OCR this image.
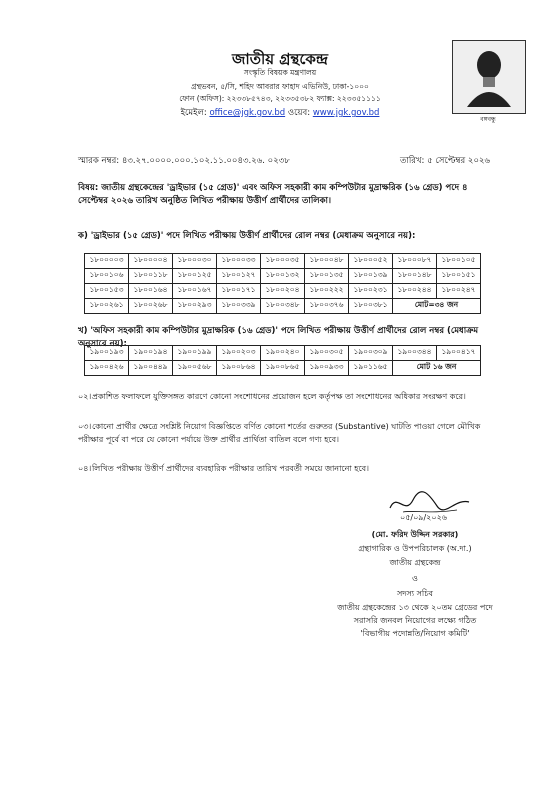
জাতীয় গ্রন্থকেন্দ্র
সংস্কৃতি বিষয়ক মন্ত্রণালয়
গ্রন্থভবন, ৫/সি, শহিদ আবরার ফাহাদ এভিনিউ, ঢাকা-১০০০
ফোন (অফিস): ২২৩৩৮৫৭৪৩, ২২৩৩৫৩৮২ ফ্যাক্স: ২২৩৩৫১১১১
ইমেইল: office@jgk.gov.bd ওয়েব: www.jgk.gov.bd
বঙ্গবন্ধু
স্মারক নম্বর: ৪৩.২৭.০০০০.০০০.১০২.১১.০০৪৩.২৬. ০২৩৮	তারিখ: ৫ সেপ্টেম্বর ২০২৬
বিষয়: জাতীয় গ্রন্থকেন্দ্রের 'ড্রাইভার (১৫ গ্রেড)' এবং অফিস সহকারী কাম কম্পিউটার মুদ্রাক্ষরিক (১৬ গ্রেড) পদে ৪ সেপ্টেম্বর ২০২৬ তারিখ অনুষ্ঠিত লিখিত পরীক্ষায় উত্তীর্ণ প্রার্থীদের তালিকা।
ক) 'ড্রাইভার (১৫ গ্রেড)' পদে লিখিত পরীক্ষায় উত্তীর্ণ প্রার্থীদের রোল নম্বর (মেধাক্রম অনুসারে নয়):
১৮০০০০৩	১৮০০০০৪	১৮০০০৩০	১৮০০০৩৩	১৮০০০৩৫	১৮০০০৪৮	১৮০০০৫২	১৮০০০৮৭	১৮০০১০৫
১৮০০১০৬	১৮০০১১৮	১৮০০১২৫	১৮০০১২৭	১৮০০১৩২	১৮০০১৩৫	১৮০০১৩৯	১৮০০১৪৮	১৮০০১৫১
১৮০০১৫৩	১৮০০১৬৪	১৮০০১৬৭	১৮০০১৭১	১৮০০২০৪	১৮০০২২২	১৮০০২৩১	১৮০০২৪৪	১৮০০২৪৭
১৮০০২৬১	১৮০০২৬৮	১৮০০২৯৩	১৮০০৩৩৯	১৮০০৩৪৮	১৮০০৩৭৬	১৮০০৩৮১	মোট=৩৪ জন	
খ) 'অফিস সহকারী কাম কম্পিউটার মুদ্রাক্ষরিক (১৬ গ্রেড)' পদে লিখিত পরীক্ষায় উত্তীর্ণ প্রার্থীদের রোল নম্বর (মেধাক্রম অনুসারে নয়):
১৯০০১৯৩	১৯০০১৯৪	১৯০০১৯৯	১৯০০২০৩	১৯০০২৪০	১৯০০৩০৫	১৯০০৩০৯	১৯০০৩৪৪	১৯০০৪১৭
১৯০০৪২৬	১৯০০৪৪৯	১৯০০৫৬৮	১৯০০৮৬৪	১৯০০৮৬৫	১৯০০৯৩৩	১৯০১১৬৫	মোট ১৬ জন	
০২।প্রকাশিত ফলাফলে যুক্তিসঙ্গত কারণে কোনো সংশোধনের প্রয়োজন হলে কর্তৃপক্ষ তা সংশোধনের অধিকার সংরক্ষণ করে।
০৩।কোনো প্রার্থীর ক্ষেত্রে সংশ্লিষ্ট নিয়োগ বিজ্ঞপ্তিতে বর্ণিত কোনো শর্তের গুরুতর (Substantive) ঘাটতি পাওয়া গেলে মৌখিক পরীক্ষার পূর্বে বা পরে যে কোনো পর্যায়ে উক্ত প্রার্থীর প্রার্থিতা বাতিল বলে গণ্য হবে।
০৪।লিখিত পরীক্ষায় উত্তীর্ণ প্রার্থীদের ব্যবহারিক পরীক্ষার তারিখ পরবর্তী সময়ে জানানো হবে।
০৫/০৯/২০২৬
(মো. ফরিদ উদ্দিন সরকার)
গ্রন্থাগারিক ও উপপরিচালক (অ.দা.)
জাতীয় গ্রন্থকেন্দ্র
ও
সদস্য সচিব
জাতীয় গ্রন্থকেন্দ্রের ১৩ থেকে ২০তম গ্রেডের পদে
সরাসরি জনবল নিয়োগের লক্ষ্যে গঠিত
'বিভাগীয় পদোন্নতি/নিয়োগ কমিটি'
